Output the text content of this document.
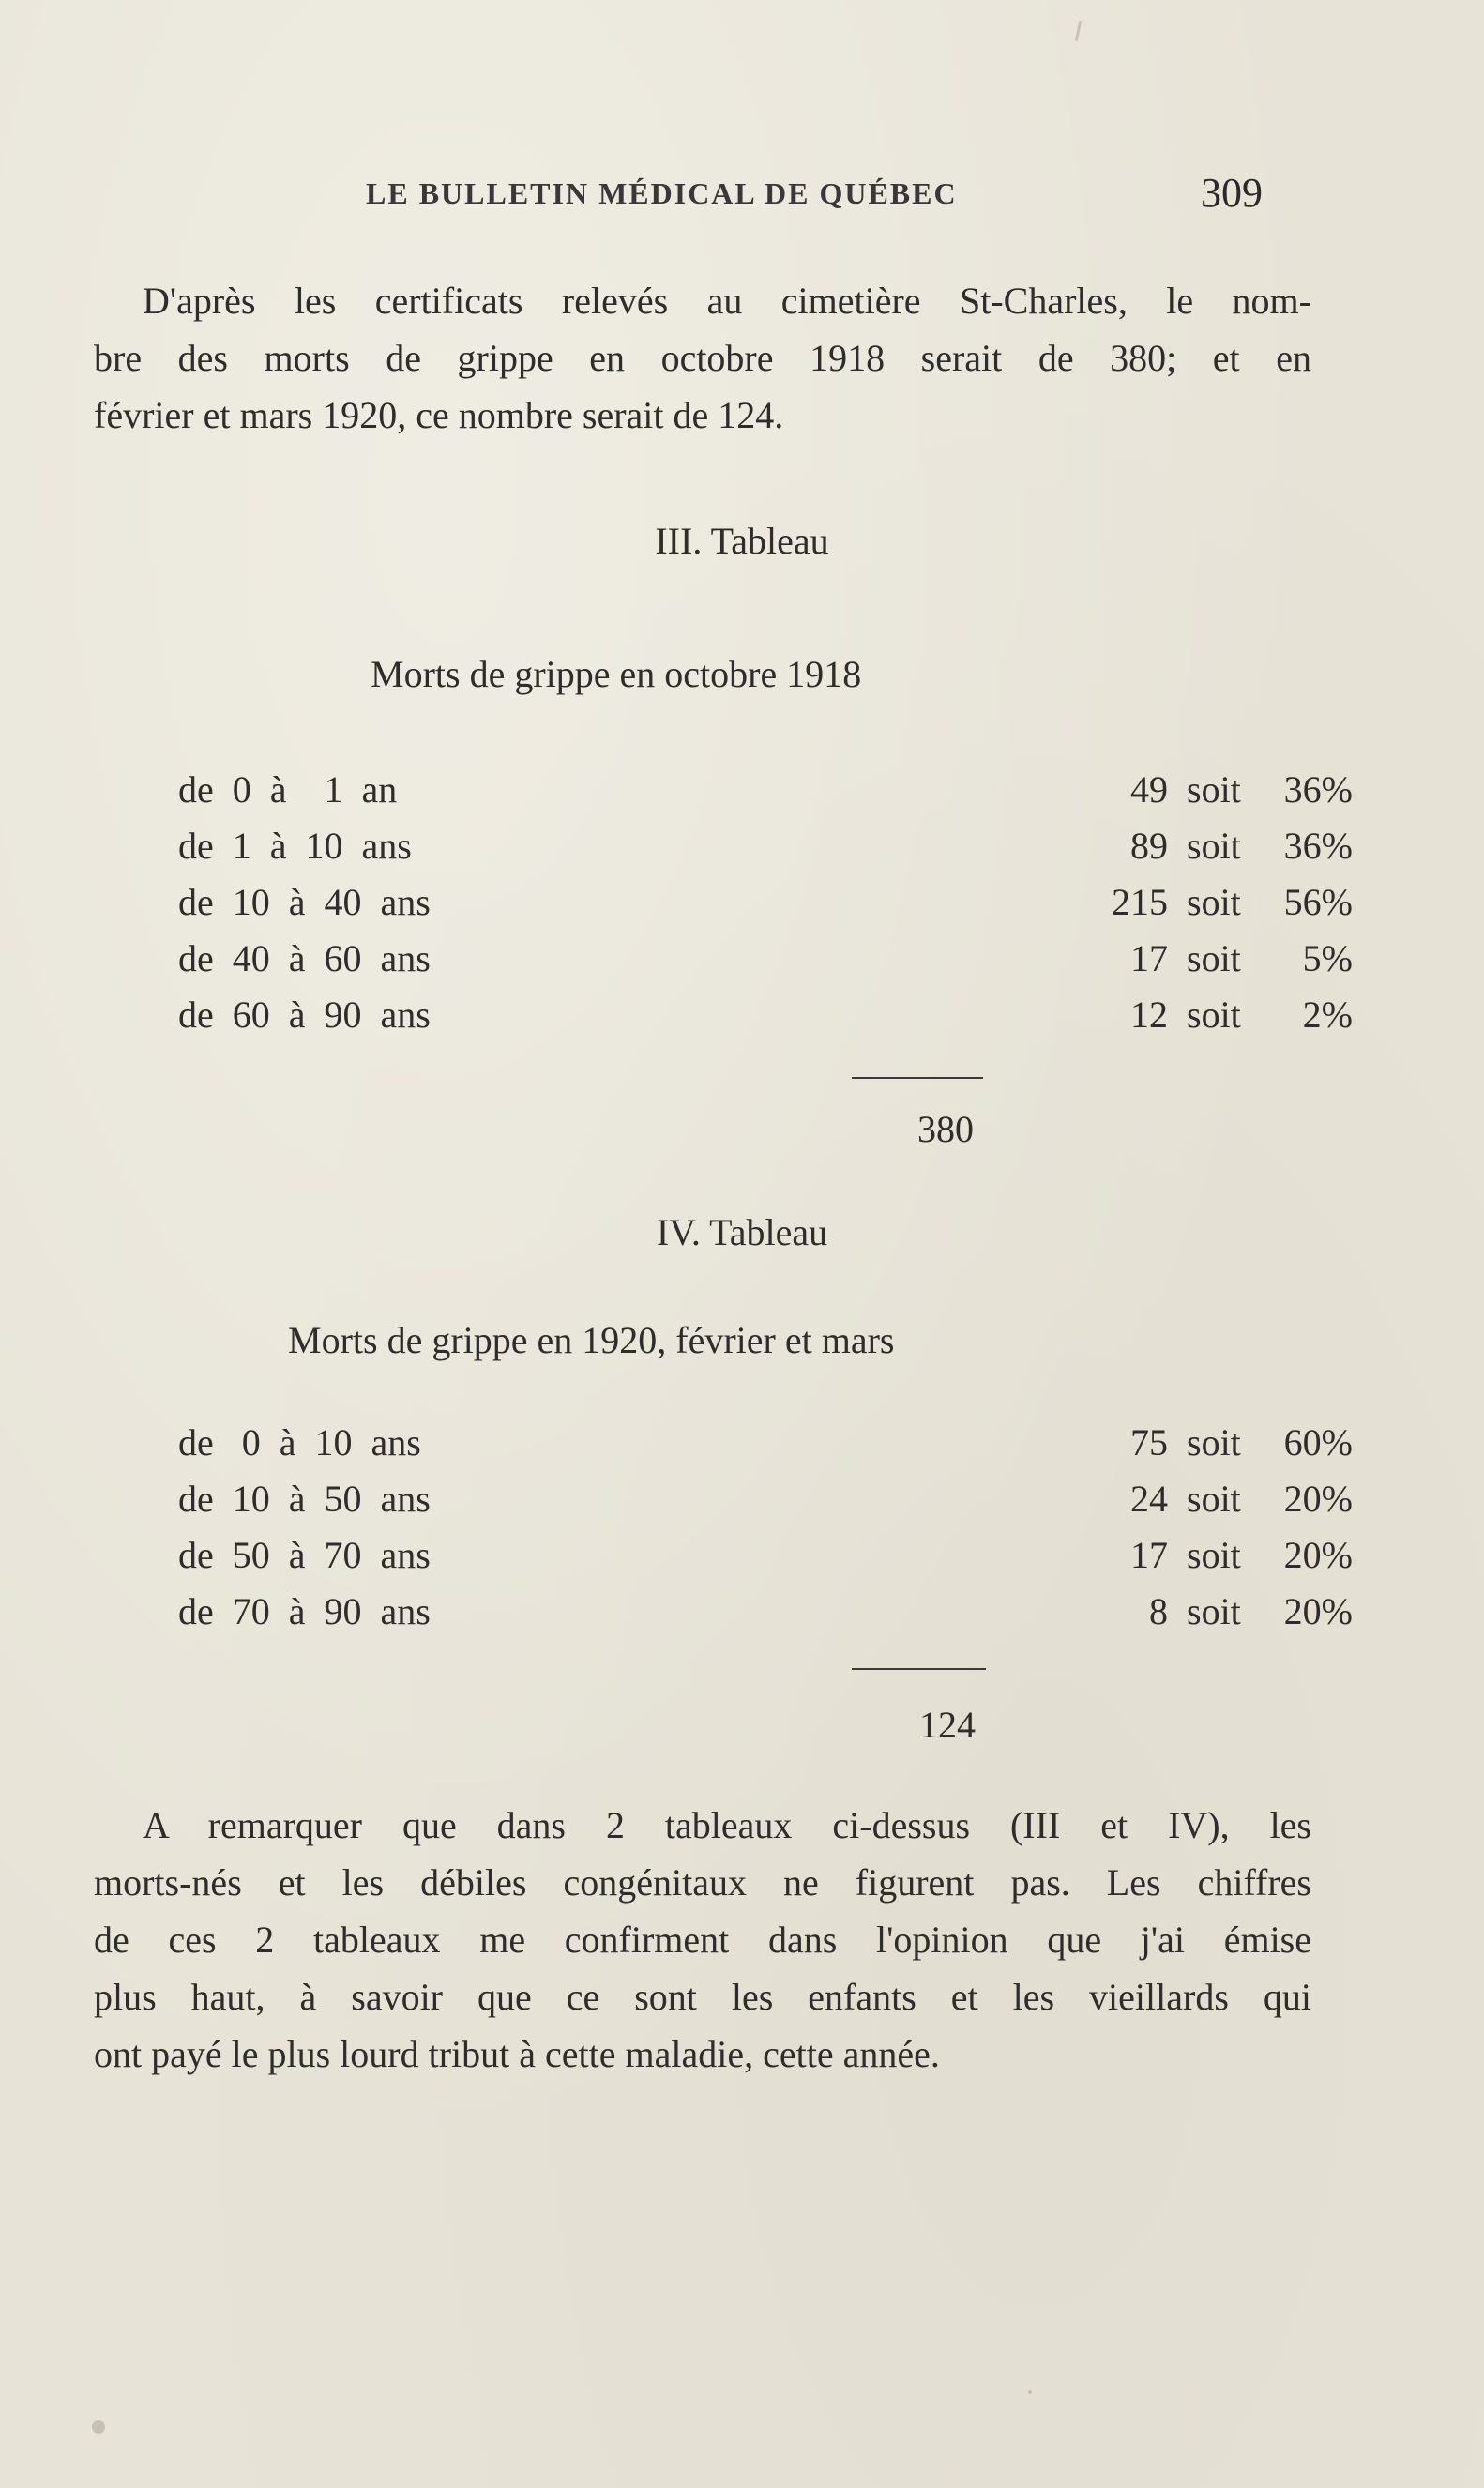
LE BULLETIN MÉDICAL DE QUÉBEC	309
D'après les certificats relevés au cimetière St-Charles, le nom-
bre des morts de grippe en octobre 1918 serait de 380; et en
février et mars 1920, ce nombre serait de 124.
III. Tableau
Morts de grippe en octobre 1918
de  0  à    1  an	49 soit	36%
de  1  à  10  ans	89 soit	36%
de  10  à  40  ans	215 soit	56%
de  40  à  60  ans	17 soit	5%
de  60  à  90  ans	12 soit	2%
380
IV. Tableau
Morts de grippe en 1920, février et mars
de   0  à  10  ans	75 soit	60%
de  10  à  50  ans	24 soit	20%
de  50  à  70  ans	17 soit	20%
de  70  à  90  ans	8 soit	20%
124
A remarquer que dans 2 tableaux ci-dessus (III et IV), les
morts-nés et les débiles congénitaux ne figurent pas. Les chiffres
de ces 2 tableaux me confirment dans l'opinion que j'ai émise
plus haut, à savoir que ce sont les enfants et les vieillards qui
ont payé le plus lourd tribut à cette maladie, cette année.
